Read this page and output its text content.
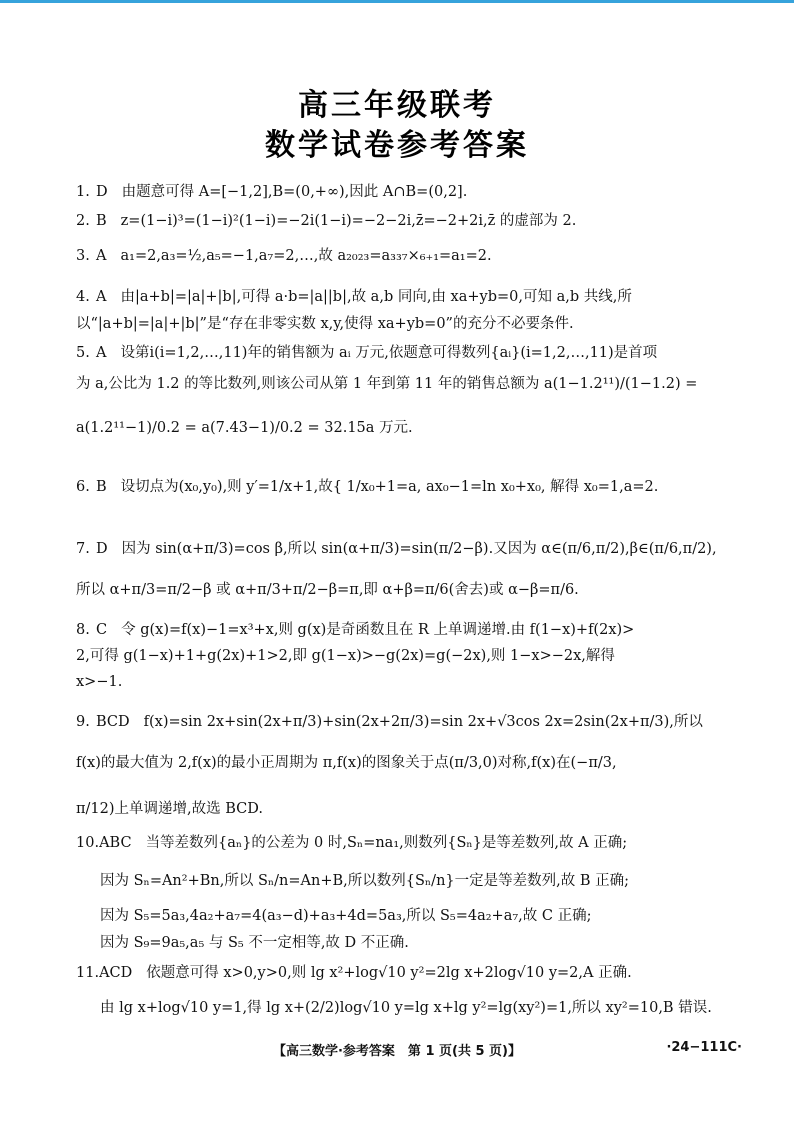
高三年级联考
数学试卷参考答案
1. D 由题意可得 A=[−1,2],B=(0,+∞),因此 A∩B=(0,2].
2. B z=(1−i)³=(1−i)²(1−i)=−2i(1−i)=−2−2i,z̄=−2+2i,z̄ 的虚部为 2.
3. A a₁=2,a₃=½,a₅=−1,a₇=2,…,故 a₂₀₂₃=a₃₃₇×₆₊₁=a₁=2.
4. A 由|a+b|=|a|+|b|,可得 a·b=|a||b|,故 a,b 同向,由 xa+yb=0,可知 a,b 共线,所
以“|a+b|=|a|+|b|”是“存在非零实数 x,y,使得 xa+yb=0”的充分不必要条件.
5. A 设第i(i=1,2,…,11)年的销售额为 aᵢ 万元,依题意可得数列{aᵢ}(i=1,2,…,11)是首项
为 a,公比为 1.2 的等比数列,则该公司从第 1 年到第 11 年的销售总额为 a(1−1.2¹¹)/(1−1.2) =
a(1.2¹¹−1)/0.2 = a(7.43−1)/0.2 = 32.15a 万元.
6. B 设切点为(x₀,y₀),则 y′=1/x+1,故{ 1/x₀+1=a, ax₀−1=ln x₀+x₀, 解得 x₀=1,a=2.
7. D 因为 sin(α+π/3)=cos β,所以 sin(α+π/3)=sin(π/2−β).又因为 α∈(π/6,π/2),β∈(π/6,π/2),
所以 α+π/3=π/2−β 或 α+π/3+π/2−β=π,即 α+β=π/6(舍去)或 α−β=π/6.
8. C 令 g(x)=f(x)−1=x³+x,则 g(x)是奇函数且在 R 上单调递增.由 f(1−x)+f(2x)>
2,可得 g(1−x)+1+g(2x)+1>2,即 g(1−x)>−g(2x)=g(−2x),则 1−x>−2x,解得
x>−1.
9. BCD f(x)=sin 2x+sin(2x+π/3)+sin(2x+2π/3)=sin 2x+√3cos 2x=2sin(2x+π/3),所以
f(x)的最大值为 2,f(x)的最小正周期为 π,f(x)的图象关于点(π/3,0)对称,f(x)在(−π/3,
π/12)上单调递增,故选 BCD.
10.ABC 当等差数列{aₙ}的公差为 0 时,Sₙ=na₁,则数列{Sₙ}是等差数列,故 A 正确;
因为 Sₙ=An²+Bn,所以 Sₙ/n=An+B,所以数列{Sₙ/n}一定是等差数列,故 B 正确;
因为 S₅=5a₃,4a₂+a₇=4(a₃−d)+a₃+4d=5a₃,所以 S₅=4a₂+a₇,故 C 正确;
因为 S₉=9a₅,a₅ 与 S₅ 不一定相等,故 D 不正确.
11.ACD 依题意可得 x>0,y>0,则 lg x²+log√10 y²=2lg x+2log√10 y=2,A 正确.
由 lg x+log√10 y=1,得 lg x+(2/2)log√10 y=lg x+lg y²=lg(xy²)=1,所以 xy²=10,B 错误.
【高三数学·参考答案　第 1 页(共 5 页)】	·24−111C·
